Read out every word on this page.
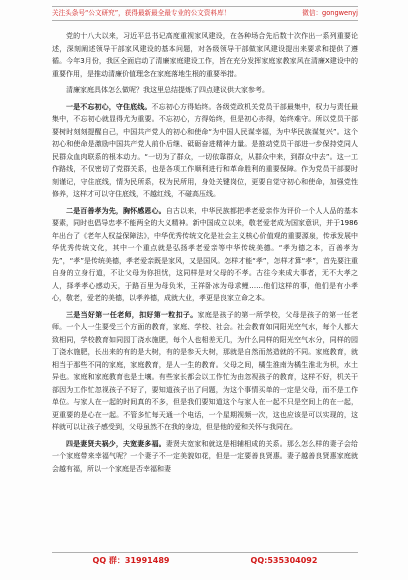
关注头条号“公文研究”，获得最新最全最专业的公文资料库！	微信：gongwenyj

党的十八大以来，习近平总书记高度重视家风建设，在各种场合先后数十次作出一系列重要论述，深刻阐述领导干部家风建设的基本问题，对各级领导干部做家风建设提出来要求和提供了遵循。今年3月份，我区全面启动了清廉家庭建设工作，旨在充分发挥家庭家教家风在清廉X建设中的重要作用，是推动清廉价值理念在家庭落地生根的重要举措。

清廉家庭具体怎么做呢？我这里总结提炼了四点建议供大家参考。

一是不忘初心，守住底线。不忘初心方得始终。各级党政机关党员干部最集中，权力与责任最集中，不忘初心就显得尤为重要。不忘初心，方得始终，但是初心亦得，始终难守。所以党员干部要树时刻刻提醒自己，中国共产党人的初心和使命“为中国人民谋幸福，为中华民族谋复兴”。这个初心和使命是激励中国共产党人前仆后继、砥砺奋进精神力量。是推动党员干部进一步保持党同人民群众血肉联系的根本动力。“一切为了群众，一切依靠群众，从群众中来，到群众中去”。这一工作路线，不仅密切了党群关系，也是各项工作顺利进行和革命胜利的重要保障。作为党员干部要时刻谨记，守住底线，情为民所系，权为民所用，身处关键岗位，更要自觉守初心和使命，加强党性修养，这样才可以守住底线，不越红线，不碰高压线。

二是百善孝为先，胸怀感恩心。自古以来，中华民族都把孝老爱亲作为评价一个人人品的基本要素，同时也倡导忠孝不能两全的大义精神。新中国成立以来，敬老爱老成为国家意识，并于1986年出台了《老年人权益保障法》，中华优秀传统文化是社会主义核心价值观的重要源泉，传承发展中华优秀传统文化，其中一个重点就是弘扬孝老爱亲等中华传统美德。“孝为德之本，百善孝为先”，“孝”是传统美德，孝老爱亲既是家风，又是国风。怎样才能“孝”，怎样才算“孝”，首先要注重自身的立身行道，不让父母为你担忧，这同样是对父母的不孝。古往今来成大事者，无不大孝之人，择孝孝心感动天，于路百里为母负米，王祥卧冰为母求鲤……他们这样的事，他们是有小孝心，敬老，爱老的美德，以孝养德，成就大业，孝更是良家立命之本。

三是当好第一任老师，扣好第一粒扣子。家庭是孩子的第一所学校，父母是孩子的第一任老师。一个人一生要受三个方面的教育，家庭、学校、社会。社会教育如同阳光空气水，每个人都大致相同，学校教育如同园丁浇水施肥，每个人也相差无几，为什么同样的阳光空气水分，同样的园丁浇水施肥，长出来的有的是大树，有的是参天大树，那就是自然而然造就的不同。家庭教育，就相当于那些不同的家庭，家庭教育，是人一生的教育。父母之间，橘生淮南为橘生淮北为枳，水土异也。家庭和家庭教育也是土壤。有些家长都会以工作忙为由忽视孩子的教育，这样不好，机关干部因为工作忙忽视孩子不好了，要知道孩子出了问题，为这个事情买单的一定是父母，而不是工作单位。与家人在一起的时间真的不多，但是我们要知道这个与家人在一起不只是空间上的在一起，更重要的是心在一起。不管多忙每天通一个电话，一个星期视频一次，这也应该是可以实现的，这样就可以让孩子感受到，父母虽然不在我的身边，但是他的爱和关怀与我同在。

四是妻贤夫祸少，夫宽妻多福。妻贤夫宽家和就这是相辅相成的关系。那么怎么样的妻子会给一个家庭带来幸福气呢？一个妻子不一定美貌如花，但是一定要善良贤惠。妻子越善良贤惠家庭就会越有福，所以一个家庭是否幸福和妻

QQ 群：31991489	QQ:535304092
